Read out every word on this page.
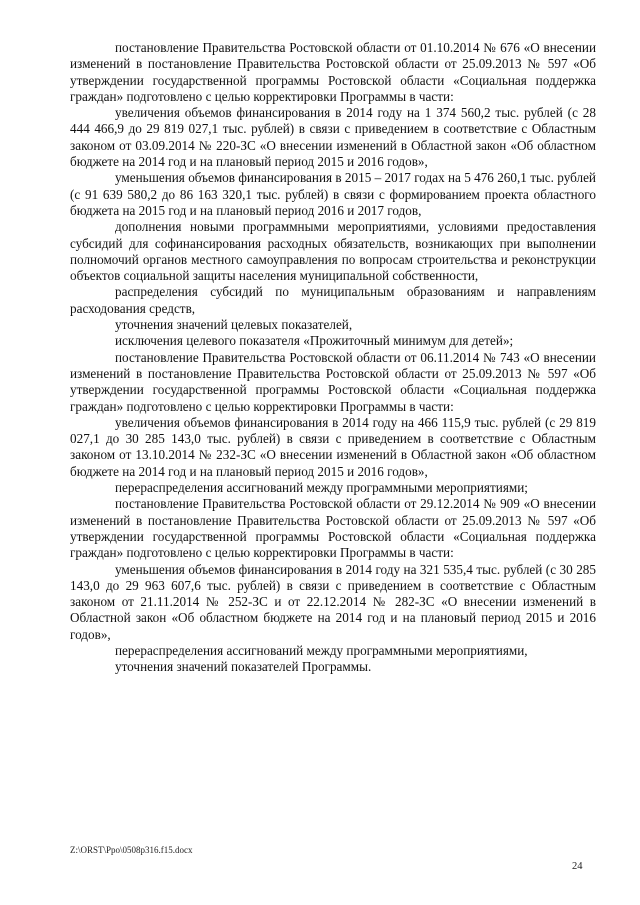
постановление Правительства Ростовской области от 01.10.2014 № 676 «О внесении изменений в постановление Правительства Ростовской области от 25.09.2013 № 597 «Об утверждении государственной программы Ростовской области «Социальная поддержка граждан» подготовлено с целью корректировки Программы в части:

увеличения объемов финансирования в 2014 году на 1 374 560,2 тыс. рублей (с 28 444 466,9 до 29 819 027,1 тыс. рублей) в связи с приведением в соответствие с Областным законом от 03.09.2014 № 220-ЗС «О внесении изменений в Областной закон «Об областном бюджете на 2014 год и на плановый период 2015 и 2016 годов»,

уменьшения объемов финансирования в 2015 – 2017 годах на 5 476 260,1 тыс. рублей (с 91 639 580,2 до 86 163 320,1 тыс. рублей) в связи с формированием проекта областного бюджета на 2015 год и на плановый период 2016 и 2017 годов,

дополнения новыми программными мероприятиями, условиями предоставления субсидий для софинансирования расходных обязательств, возникающих при выполнении полномочий органов местного самоуправления по вопросам строительства и реконструкции объектов социальной защиты населения муниципальной собственности,

распределения субсидий по муниципальным образованиям и направлениям расходования средств,

уточнения значений целевых показателей,

исключения целевого показателя «Прожиточный минимум для детей»;

постановление Правительства Ростовской области от 06.11.2014 № 743 «О внесении изменений в постановление Правительства Ростовской области от 25.09.2013 № 597 «Об утверждении государственной программы Ростовской области «Социальная поддержка граждан» подготовлено с целью корректировки Программы в части:

увеличения объемов финансирования в 2014 году на 466 115,9 тыс. рублей (с 29 819 027,1 до 30 285 143,0 тыс. рублей) в связи с приведением в соответствие с Областным законом от 13.10.2014 № 232-ЗС «О внесении изменений в Областной закон «Об областном бюджете на 2014 год и на плановый период 2015 и 2016 годов»,

перераспределения ассигнований между программными мероприятиями;

постановление Правительства Ростовской области от 29.12.2014 № 909 «О внесении изменений в постановление Правительства Ростовской области от 25.09.2013 № 597 «Об утверждении государственной программы Ростовской области «Социальная поддержка граждан» подготовлено с целью корректировки Программы в части:

уменьшения объемов финансирования в 2014 году на 321 535,4 тыс. рублей (с 30 285 143,0 до 29 963 607,6 тыс. рублей) в связи с приведением в соответствие с Областным законом от 21.11.2014 № 252-ЗС и от 22.12.2014 № 282-ЗС «О внесении изменений в Областной закон «Об областном бюджете на 2014 год и на плановый период 2015 и 2016 годов»,

перераспределения ассигнований между программными мероприятиями,

уточнения значений показателей Программы.

Z:\ORST\Ppo\0508p316.f15.docx
24
